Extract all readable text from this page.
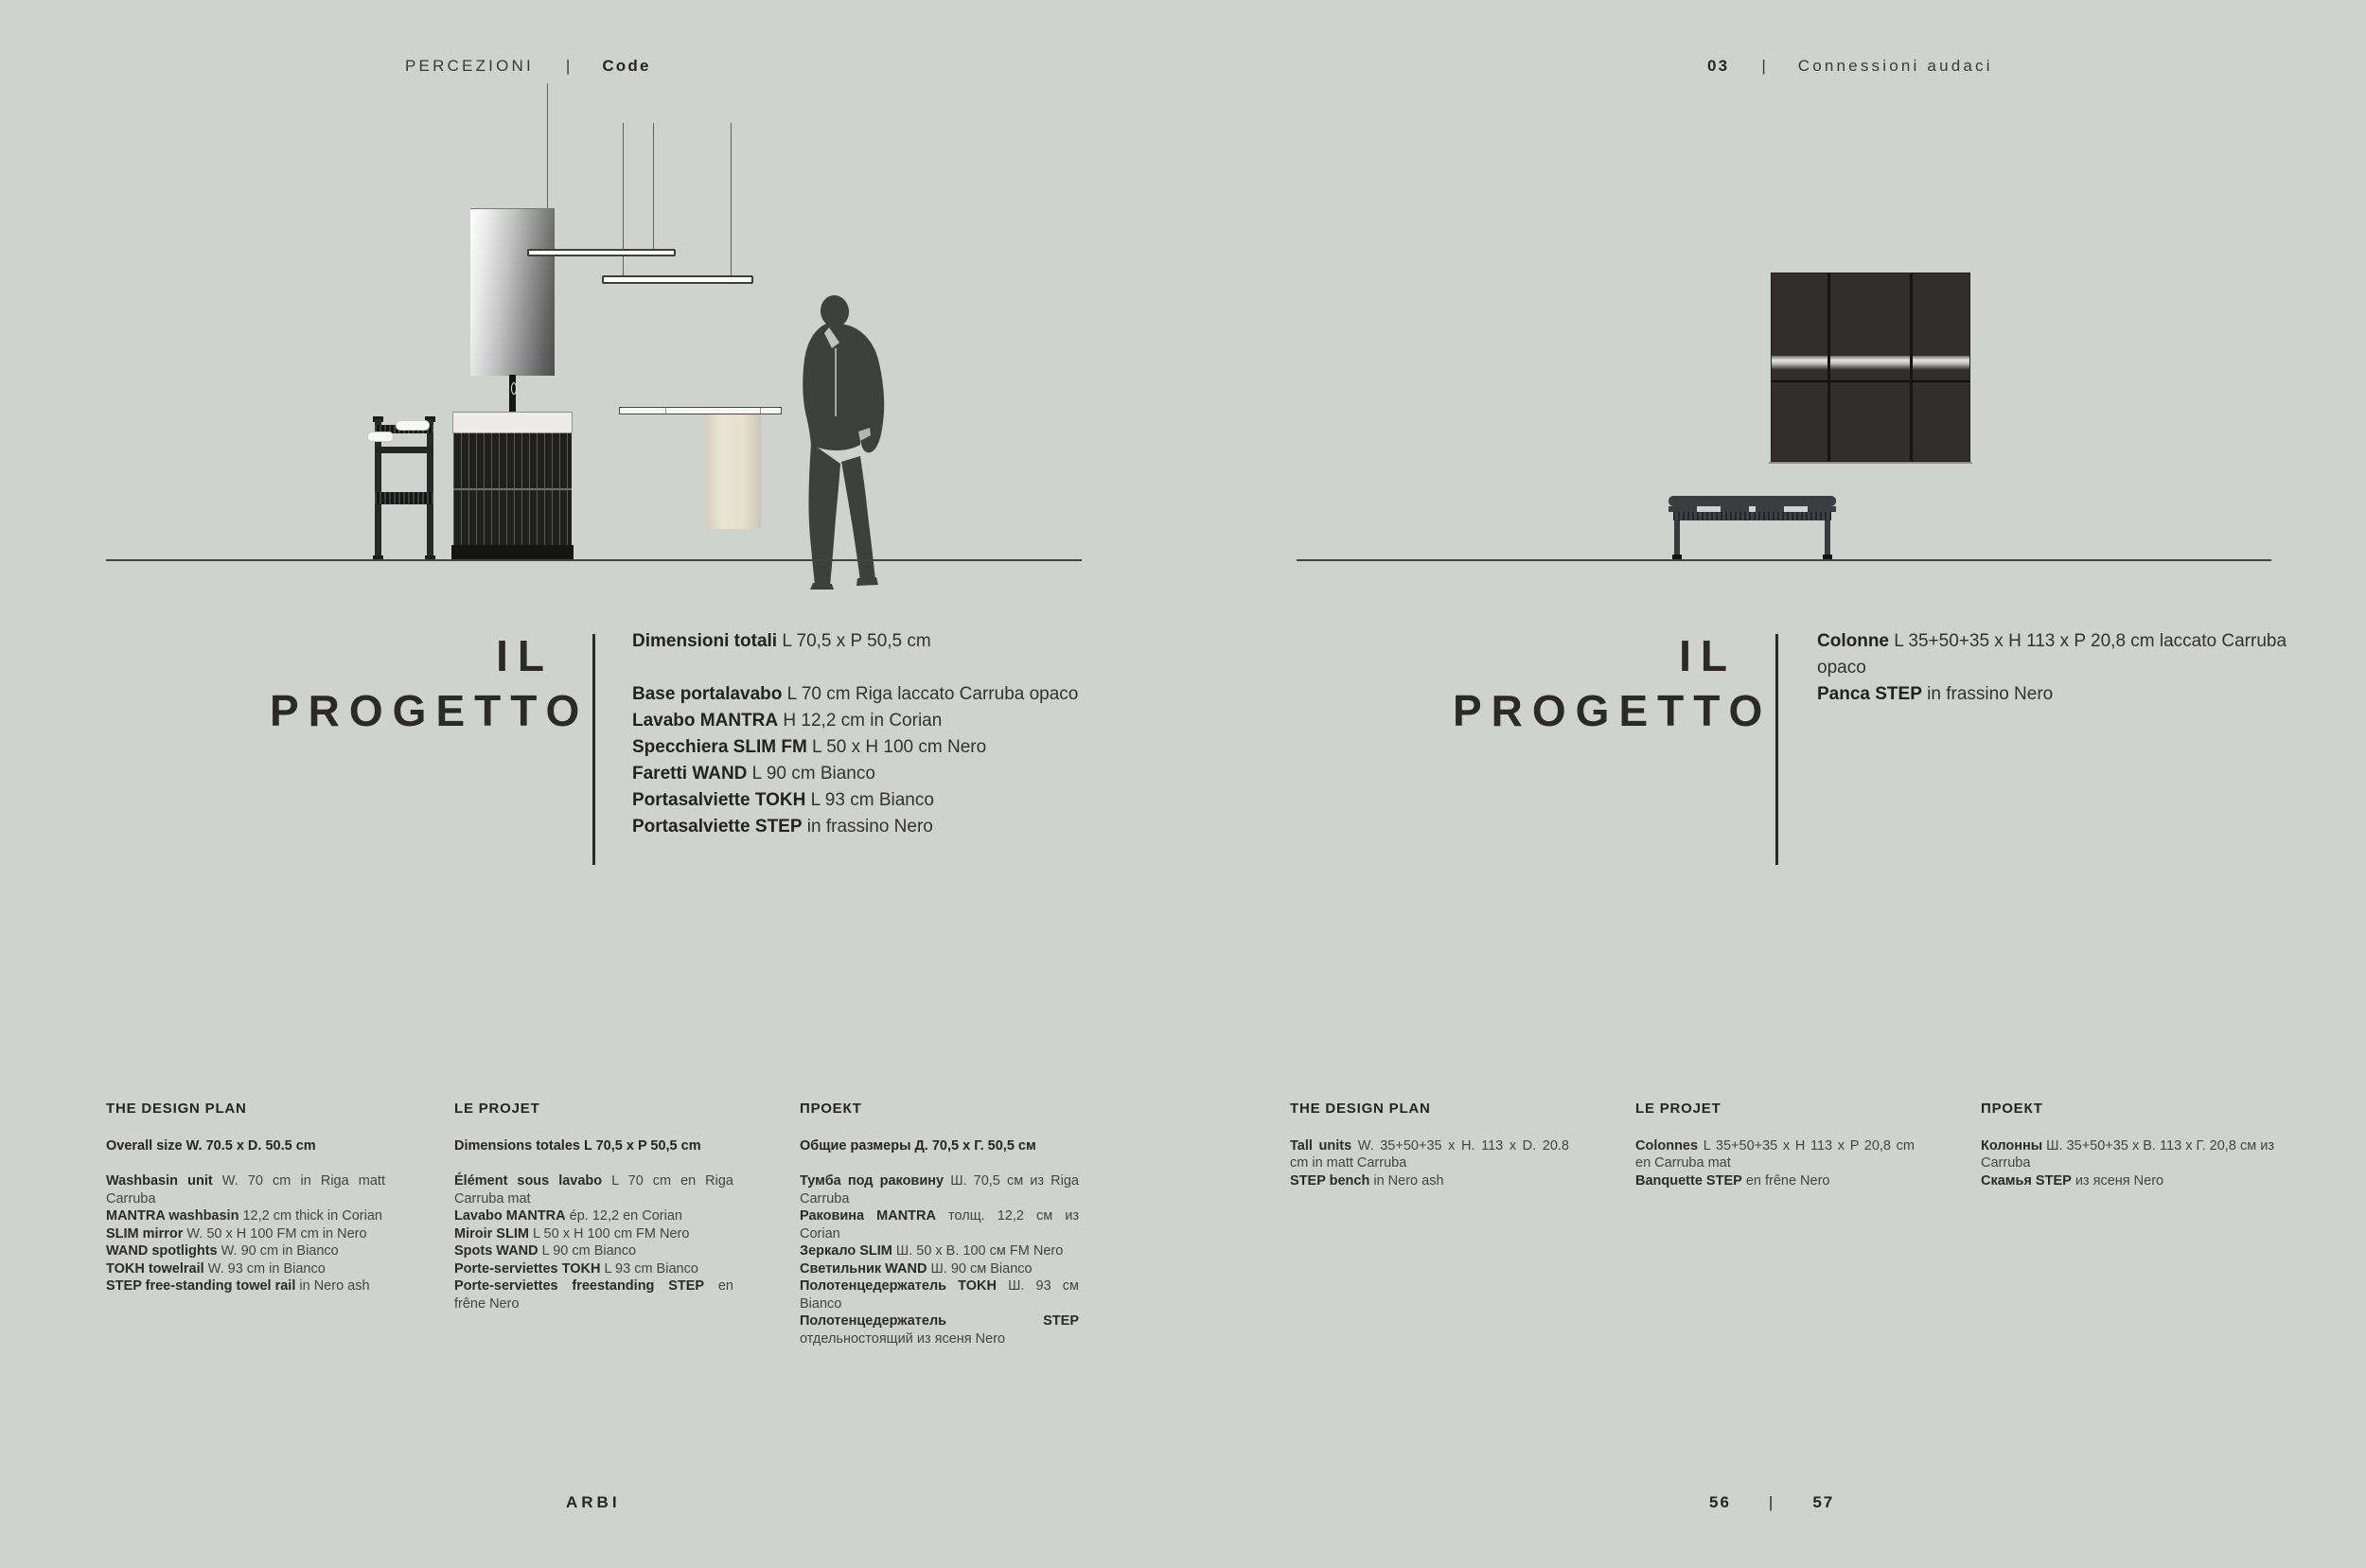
PERCEZIONI | Code	03 | Connessioni audaci
IL
PROGETTO

Dimensioni totali L 70,5 x P 50,5 cm

Base portalavabo L 70 cm Riga laccato Carruba opaco

Lavabo MANTRA H 12,2 cm in Corian

Specchiera SLIM FM L 50 x H 100 cm Nero

Faretti WAND L 90 cm Bianco

Portasalviette TOKH L 93 cm Bianco

Portasalviette STEP in frassino Nero

IL
PROGETTO

Colonne L 35+50+35 x H 113 x P 20,8 cm laccato Carruba opaco

Panca STEP in frassino Nero

THE DESIGN PLAN

Overall size W. 70.5 x D. 50.5 cm

Washbasin unit W. 70 cm in Riga matt Carruba

MANTRA washbasin 12,2 cm thick in Corian

SLIM mirror W. 50 x H 100 FM cm in Nero

WAND spotlights W. 90 cm in Bianco

TOKH towelrail W. 93 cm in Bianco

STEP free-standing towel rail in Nero ash

LE PROJET

Dimensions totales L 70,5 x P 50,5 cm

Élément sous lavabo L 70 cm en Riga Carruba mat

Lavabo MANTRA ép. 12,2 en Corian

Miroir SLIM L 50 x H 100 cm FM Nero

Spots WAND L 90 cm Bianco

Porte-serviettes TOKH L 93 cm Bianco

Porte-serviettes freestanding STEP en frêne Nero

ПРОЕКТ

Общие размеры Д. 70,5 х Г. 50,5 см

Тумба под раковину Ш. 70,5 см из Riga Carruba

Раковина MANTRA толщ. 12,2 см из Corian

Зеркало SLIM Ш. 50 х В. 100 см FM Nero

Светильник WAND Ш. 90 см Bianco

Полотенцедержатель TOKH Ш. 93 см Bianco

Полотенцедержатель STEP отдельностоящий из ясеня Nero

THE DESIGN PLAN

Tall units W. 35+50+35 x H. 113 x D. 20.8 cm in matt Carruba

STEP bench in Nero ash

LE PROJET

Colonnes L 35+50+35 x H 113 x P 20,8 cm en Carruba mat

Banquette STEP en frêne Nero

ПРОЕКТ

Колонны Ш. 35+50+35 х В. 113 х Г. 20,8 см из Carruba

Скамья STEP из ясеня Nero

ARBI	56 | 57
